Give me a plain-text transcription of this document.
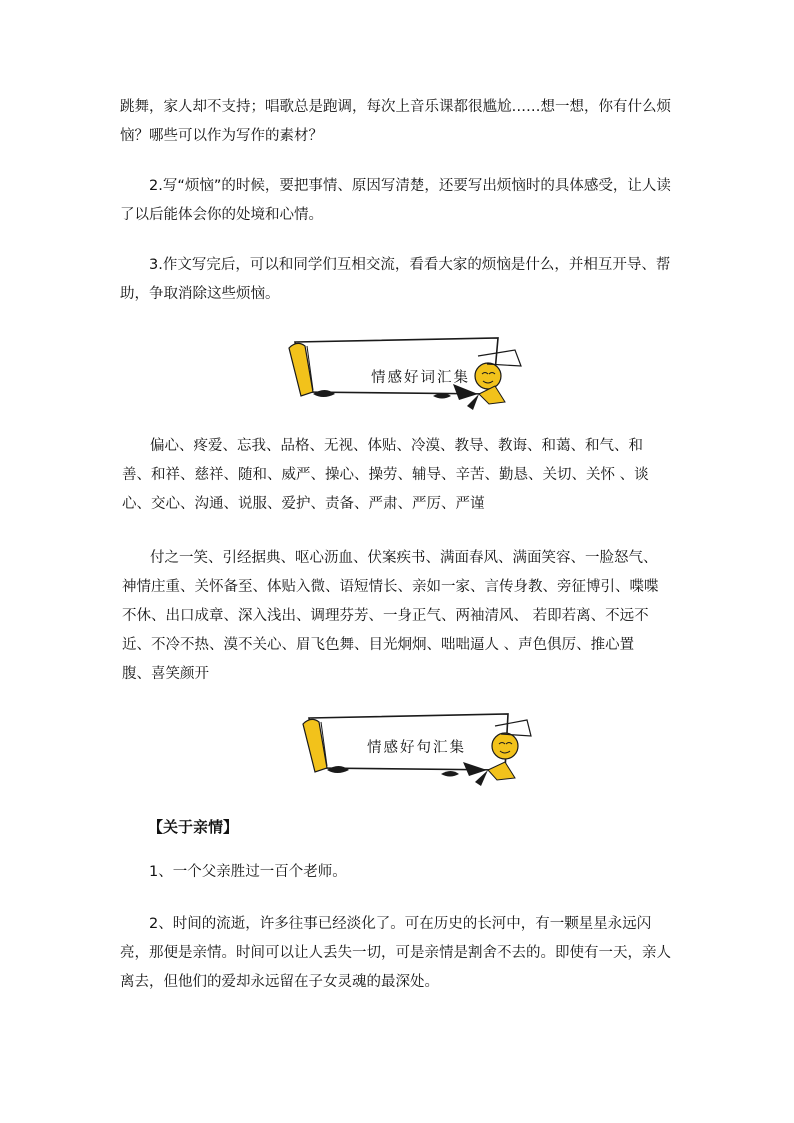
跳舞，家人却不支持；唱歌总是跑调，每次上音乐课都很尴尬……想一想，你有什么烦恼？哪些可以作为写作的素材？

2.写“烦恼”的时候，要把事情、原因写清楚，还要写出烦恼时的具体感受，让人读了以后能体会你的处境和心情。

3.作文写完后，可以和同学们互相交流，看看大家的烦恼是什么，并相互开导、帮助，争取消除这些烦恼。

情感好词汇集

偏心、疼爱、忘我、品格、无视、体贴、冷漠、教导、教诲、和蔼、和气、和善、和祥、慈祥、随和、威严、操心、操劳、辅导、辛苦、勤恳、关切、关怀 、谈心、交心、沟通、说服、爱护、责备、严肃、严厉、严谨

付之一笑、引经据典、呕心沥血、伏案疾书、满面春风、满面笑容、一脸怒气、神情庄重、关怀备至、体贴入微、语短情长、亲如一家、言传身教、旁征博引、喋喋不休、出口成章、深入浅出、调理芬芳、一身正气、两袖清风、 若即若离、不远不近、不冷不热、漠不关心、眉飞色舞、目光炯炯、咄咄逼人 、声色俱厉、推心置腹、喜笑颜开

情感好句汇集
【关于亲情】

1、一个父亲胜过一百个老师。

2、时间的流逝，许多往事已经淡化了。可在历史的长河中，有一颗星星永远闪亮，那便是亲情。时间可以让人丢失一切，可是亲情是割舍不去的。即使有一天，亲人离去，但他们的爱却永远留在子女灵魂的最深处。
